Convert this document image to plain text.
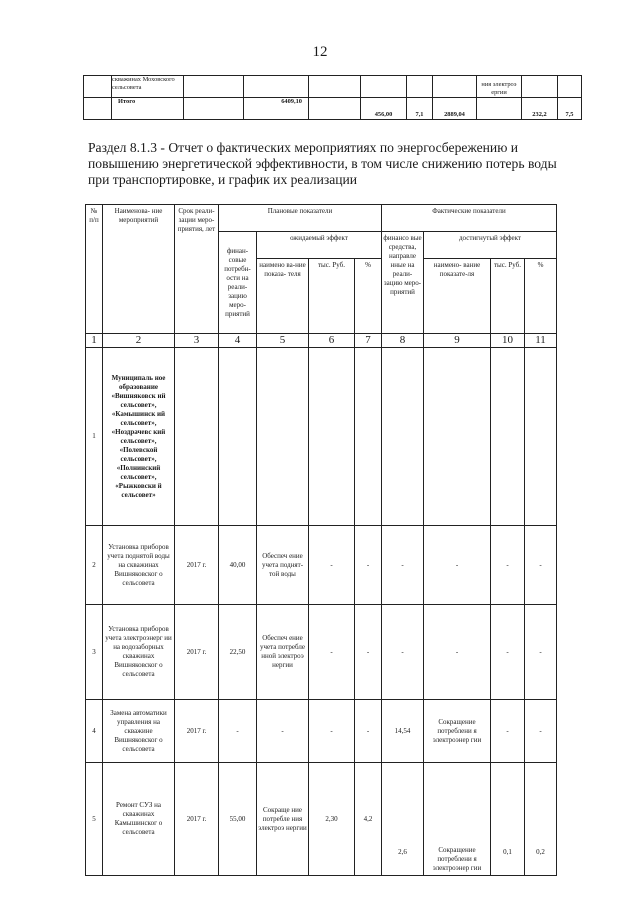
12
	скважинах Моховского сельсовета							ния электроэ ергии		
	Итого		6409,10		456,00	7,1	2889,04		232,2	7,5
Раздел 8.1.3 - Отчет о фактических мероприятиях по энергосбережению и повышению энергетической эффективности, в том числе снижению потерь воды при транспортировке, и график их реализации
№ п/п	Наименова- ние мероприятий	Срок реали- зации меро- приятия, лет	Плановые показатели				Фактические показатели			
			финан- совые потребн- ости на реали- зацию меро- приятий	ожидаемый эффект			финансо вые средства, направле нные на реали- зацию меро- приятий	достигнутый эффект		
				наимено ва-ние показа- теля	тыс. Руб.	%		наимено- вание показате-ля	тыс. Руб.	%
1	2	3	4	5	6	7	8	9	10	11
1	Муниципаль ное образование «Вишняковск ий сельсовет», «Камышинск ий сельсовет», «Ноздрачевс кий сельсовет», «Полевской сельсовет», «Полнинский сельсовет», «Рыжковски й сельсовет»									
2	Установка приборов учета поднятой воды на скважинах Вишняковског о сельсовета	2017 г.	40,00	Обеспеч ение учета поднят-той воды	-	-	-	-	-	-
3	Установка приборов учета электроэнерг ии на водозаборных скважинах Вишняковског о сельсовета	2017 г.	22,50	Обеспеч ение учета потребле нной электроэ нергии	-	-	-	-	-	-
4	Замена автоматики управления на скважине Вишняковског о сельсовета	2017 г.	-	-	-	-	14,54	Сокращение потреблени я электроэнер гии	-	-
5	Ремонт СУЗ на скважинах Камышинског о сельсовета	2017 г.	55,00	Сокраще ние потребле ния электроэ нергии	2,30	4,2	2,6	Сокращение потреблени я электроэнер гии	0,1	0,2
